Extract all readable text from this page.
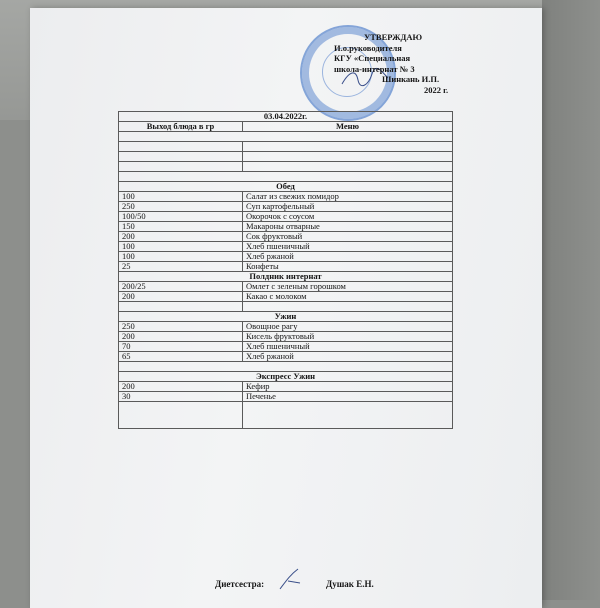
УТВЕРЖДАЮ
И.о.руководителя
КГУ «Специальная
школа-интернат № 3
Шинкань И.П.
2022 г.
03.04.2022г.	
Выход блюда в гр	Меню

Обед	
100	Салат из свежих помидор
250	Суп картофельный
100/50	Окорочок с соусом
150	Макароны отварные
200	Сок фруктовый
100	Хлеб пшеничный
100	Хлеб ржаной
25	Конфеты
Полдник интернат	
200/25	Омлет с зеленым горошком
200	Какао с молоком

Ужин	
250	Овощное рагу
200	Кисель фруктовый
70	Хлеб пшеничный
65	Хлеб ржаной

Экспресс Ужин	
200	Кефир
30	Печенье

Диетсестра:	Душак Е.Н.
